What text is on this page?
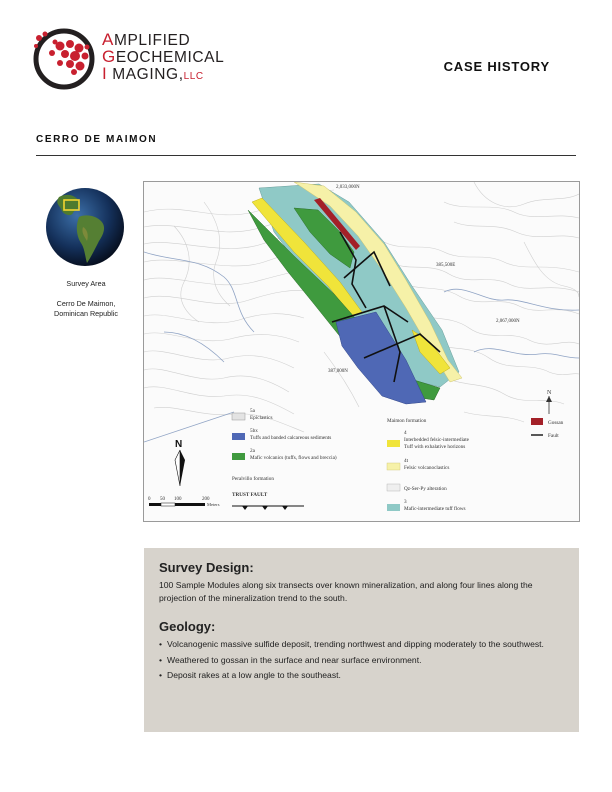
AMPLIFIED
GEOCHEMICAL
I MAGING,LLC
CASE HISTORY
CERRO DE MAIMON
Survey Area
Cerro De Maimon,
Dominican Republic
2,033,000N
385,500E
2,067,000N
387,000N
N
N
0 50 100	200
Meters
5a
Epiclastics
5bx
Tuffs and banded calcareous sediments
2a
Mafic volcanics (tuffs, flows and breccia)
Peralvillo formation
TRUST FAULT
Maimon formation
4
Interbedded felsic-intermediate
Tuff with exhalative horizons
4t
Felsic volcanoclastics
Qz-Ser-Py alteration
3
Mafic-intermediate tuff flows
Gossan
Fault
Survey Design:

100 Sample Modules along six transects over known mineralization, and along four lines along the projection of the mineralization trend to the south.

Geology:
• Volcanogenic massive sulfide deposit, trending northwest and dipping moderately to the southwest.
• Weathered to gossan in the surface and near surface environment.
• Deposit rakes at a low angle to the southeast.
